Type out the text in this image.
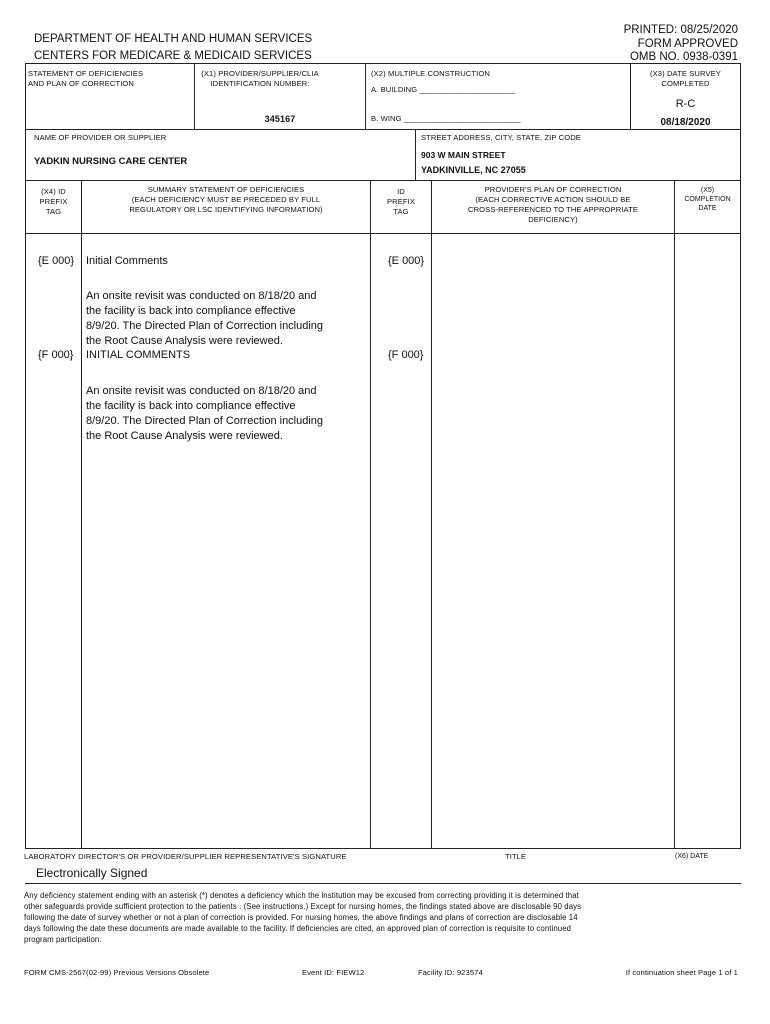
DEPARTMENT OF HEALTH AND HUMAN SERVICES
CENTERS FOR MEDICARE & MEDICAID SERVICES
PRINTED: 08/25/2020
FORM APPROVED
OMB NO. 0938-0391
STATEMENT OF DEFICIENCIES
AND PLAN OF CORRECTION
(X1) PROVIDER/SUPPLIER/CLIA
IDENTIFICATION NUMBER:
345167
(X2) MULTIPLE CONSTRUCTION
A. BUILDING ______________________
B. WING ___________________________
(X3) DATE SURVEY
COMPLETED
R-C
08/18/2020
NAME OF PROVIDER OR SUPPLIER
YADKIN NURSING CARE CENTER
STREET ADDRESS, CITY, STATE, ZIP CODE
903 W MAIN STREET
YADKINVILLE, NC 27055
(X4) ID
PREFIX
TAG
SUMMARY STATEMENT OF DEFICIENCIES
(EACH DEFICIENCY MUST BE PRECEDED BY FULL
REGULATORY OR LSC IDENTIFYING INFORMATION)
ID
PREFIX
TAG
PROVIDER'S PLAN OF CORRECTION
(EACH CORRECTIVE ACTION SHOULD BE
CROSS-REFERENCED TO THE APPROPRIATE
DEFICIENCY)
(X5)
COMPLETION
DATE
{E 000} Initial Comments
An onsite revisit was conducted on 8/18/20 and
the facility is back into compliance effective
8/9/20. The Directed Plan of Correction including
the Root Cause Analysis were reviewed.
{E 000}
{F 000} INITIAL COMMENTS
An onsite revisit was conducted on 8/18/20 and
the facility is back into compliance effective
8/9/20. The Directed Plan of Correction including
the Root Cause Analysis were reviewed.
{F 000}
LABORATORY DIRECTOR'S OR PROVIDER/SUPPLIER REPRESENTATIVE'S SIGNATURE	TITLE	(X6) DATE
Electronically Signed
Any deficiency statement ending with an asterisk (*) denotes a deficiency which the institution may be excused from correcting providing it is determined that
other safeguards provide sufficient protection to the patients . (See instructions.) Except for nursing homes, the findings stated above are disclosable 90 days
following the date of survey whether or not a plan of correction is provided. For nursing homes, the above findings and plans of correction are disclosable 14
days following the date these documents are made available to the facility. If deficiencies are cited, an approved plan of correction is requisite to continued
program participation.
FORM CMS-2567(02-99) Previous Versions Obsolete	Event ID: FIEW12	Facility ID: 923574	If continuation sheet Page 1 of 1
